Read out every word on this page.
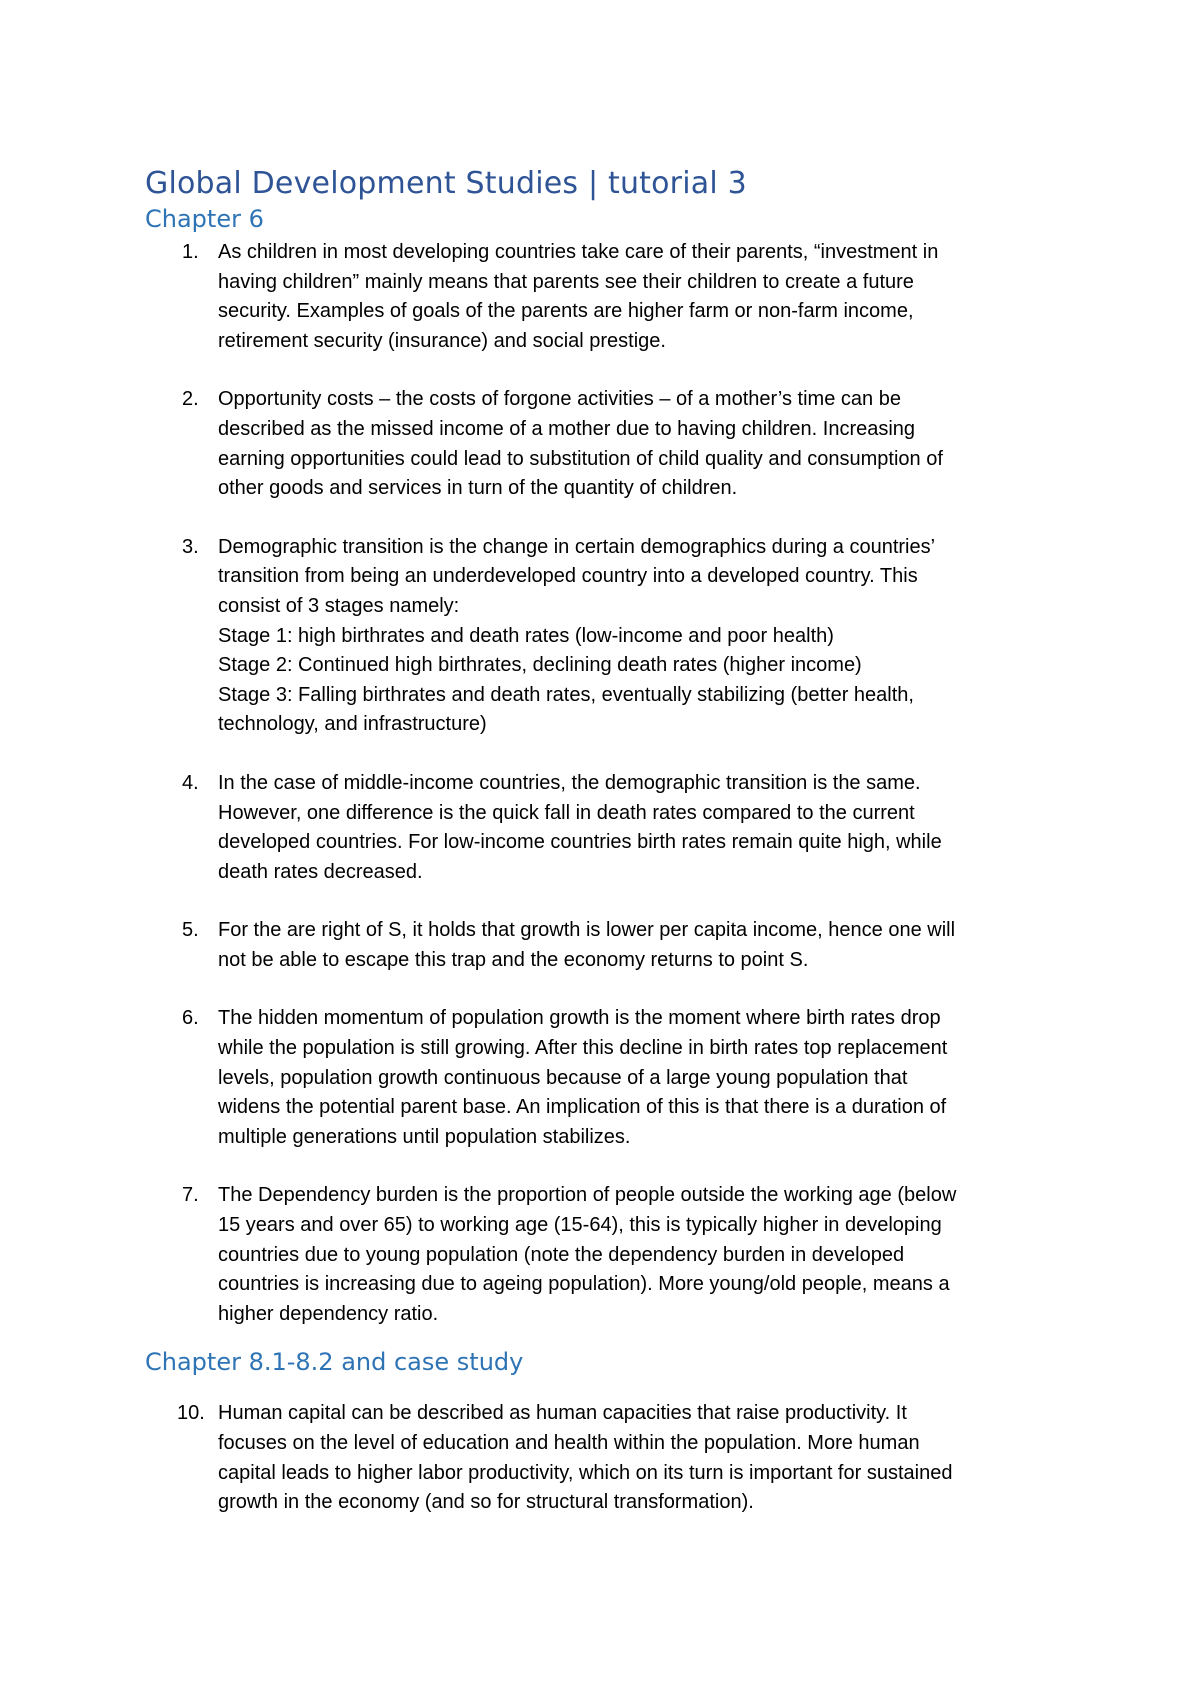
Global Development Studies | tutorial 3
Chapter 6
1. As children in most developing countries take care of their parents, “investment in
having children” mainly means that parents see their children to create a future
security. Examples of goals of the parents are higher farm or non-farm income,
retirement security (insurance) and social prestige.
2. Opportunity costs – the costs of forgone activities – of a mother’s time can be
described as the missed income of a mother due to having children. Increasing
earning opportunities could lead to substitution of child quality and consumption of
other goods and services in turn of the quantity of children.
3. Demographic transition is the change in certain demographics during a countries’
transition from being an underdeveloped country into a developed country. This
consist of 3 stages namely:
Stage 1: high birthrates and death rates (low-income and poor health)
Stage 2: Continued high birthrates, declining death rates (higher income)
Stage 3: Falling birthrates and death rates, eventually stabilizing (better health,
technology, and infrastructure)
4. In the case of middle-income countries, the demographic transition is the same.
However, one difference is the quick fall in death rates compared to the current
developed countries. For low-income countries birth rates remain quite high, while
death rates decreased.
5. For the are right of S, it holds that growth is lower per capita income, hence one will
not be able to escape this trap and the economy returns to point S.
6. The hidden momentum of population growth is the moment where birth rates drop
while the population is still growing. After this decline in birth rates top replacement
levels, population growth continuous because of a large young population that
widens the potential parent base. An implication of this is that there is a duration of
multiple generations until population stabilizes.
7. The Dependency burden is the proportion of people outside the working age (below
15 years and over 65) to working age (15-64), this is typically higher in developing
countries due to young population (note the dependency burden in developed
countries is increasing due to ageing population). More young/old people, means a
higher dependency ratio.
Chapter 8.1-8.2 and case study
10. Human capital can be described as human capacities that raise productivity. It
focuses on the level of education and health within the population. More human
capital leads to higher labor productivity, which on its turn is important for sustained
growth in the economy (and so for structural transformation).
